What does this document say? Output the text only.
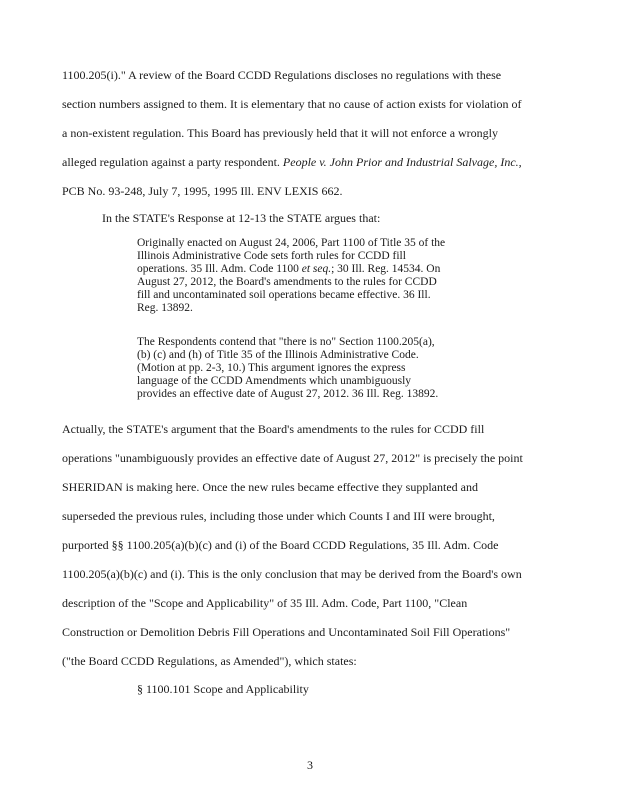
1100.205(i)." A review of the Board CCDD Regulations discloses no regulations with these
section numbers assigned to them. It is elementary that no cause of action exists for violation of
a non-existent regulation. This Board has previously held that it will not enforce a wrongly
alleged regulation against a party respondent. People v. John Prior and Industrial Salvage, Inc.,
PCB No. 93-248, July 7, 1995, 1995 Ill. ENV LEXIS 662.
In the STATE's Response at 12-13 the STATE argues that:
Originally enacted on August 24, 2006, Part 1100 of Title 35 of the
Illinois Administrative Code sets forth rules for CCDD fill
operations. 35 Ill. Adm. Code 1100 et seq.; 30 Ill. Reg. 14534. On
August 27, 2012, the Board's amendments to the rules for CCDD
fill and uncontaminated soil operations became effective. 36 Ill.
Reg. 13892.
The Respondents contend that "there is no" Section 1100.205(a),
(b) (c) and (h) of Title 35 of the Illinois Administrative Code.
(Motion at pp. 2-3, 10.) This argument ignores the express
language of the CCDD Amendments which unambiguously
provides an effective date of August 27, 2012. 36 Ill. Reg. 13892.
Actually, the STATE's argument that the Board's amendments to the rules for CCDD fill
operations "unambiguously provides an effective date of August 27, 2012" is precisely the point
SHERIDAN is making here. Once the new rules became effective they supplanted and
superseded the previous rules, including those under which Counts I and III were brought,
purported §§ 1100.205(a)(b)(c) and (i) of the Board CCDD Regulations, 35 Ill. Adm. Code
1100.205(a)(b)(c) and (i). This is the only conclusion that may be derived from the Board's own
description of the "Scope and Applicability" of 35 Ill. Adm. Code, Part 1100, "Clean
Construction or Demolition Debris Fill Operations and Uncontaminated Soil Fill Operations"
("the Board CCDD Regulations, as Amended"), which states:
§ 1100.101 Scope and Applicability
3
